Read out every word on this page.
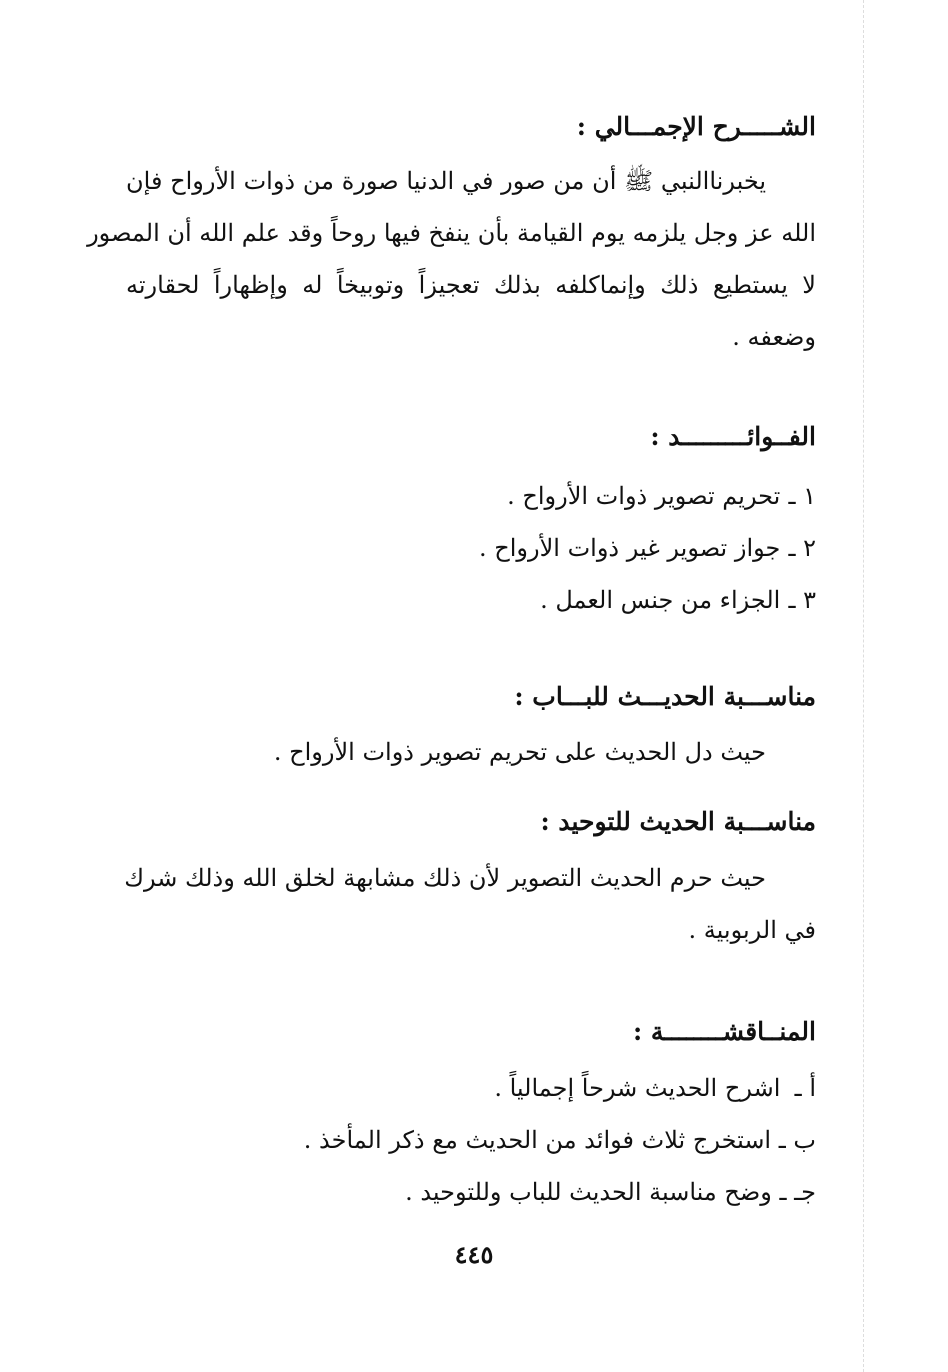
الشـــــرح الإجمـــالي :
يخبرناالنبي ﷺ أن من صور في الدنيا صورة من ذوات الأرواح فإن
الله عز وجل يلزمه يوم القيامة بأن ينفخ فيها روحاً وقد علم الله أن المصور
لا يستطيع ذلك وإنماكلفه بذلك تعجيزاً وتوبيخاً له وإظهاراً لحقارته
وضعفه .
الفــوائـــــــــد :
١ ـ تحريم تصوير ذوات الأرواح .
٢ ـ جواز تصوير غير ذوات الأرواح .
٣ ـ الجزاء من جنس العمل .
مناســـبة الحديـــث للبـــاب :
حيث دل الحديث على تحريم تصوير ذوات الأرواح .
مناســـبة الحديث للتوحيد :
حيث حرم الحديث التصوير لأن ذلك مشابهة لخلق الله وذلك شرك
في الربوبية .
المنــاقشــــــــة :
أ ـ اشرح الحديث شرحاً إجمالياً .
ب ـ استخرج ثلاث فوائد من الحديث مع ذكر المأخذ .
جـ ـ وضح مناسبة الحديث للباب وللتوحيد .
٤٤٥
